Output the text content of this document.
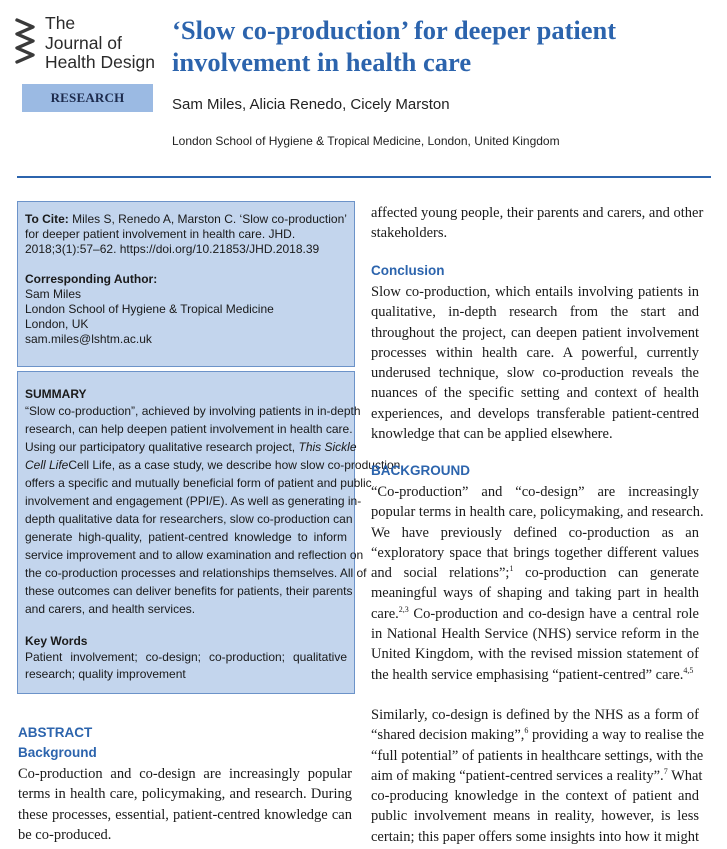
The
Journal of
Health Design
RESEARCH
‘Slow co-production’ for deeper patient
involvement in health care
Sam Miles, Alicia Renedo, Cicely Marston
London School of Hygiene & Tropical Medicine, London, United Kingdom
To Cite: Miles S, Renedo A, Marston C. ‘Slow co-production’
for deeper patient involvement in health care. JHD.
2018;3(1):57–62. https://doi.org/10.21853/JHD.2018.39
Corresponding Author:
Sam Miles
London School of Hygiene & Tropical Medicine
London, UK
sam.miles@lshtm.ac.uk
SUMMARY
“Slow co-production”, achieved by involving patients in in-depth
research, can help deepen patient involvement in health care.
Using our participatory qualitative research project, This Sickle
Cell LifeCell Life, as a case study, we describe how slow co-production
offers a specific and mutually beneficial form of patient and public
involvement and engagement (PPI/E). As well as generating in-
depth qualitative data for researchers, slow co-production can
generate high-quality, patient-centred knowledge to inform
service improvement and to allow examination and reflection on
the co-production processes and relationships themselves. All of
these outcomes can deliver benefits for patients, their parents
and carers, and health services.
Key Words
Patient involvement; co-design; co-production; qualitative
research; quality improvement
ABSTRACT
Background
Co-production and co-design are increasingly popular
terms in health care, policymaking, and research. During
these processes, essential, patient-centred knowledge can
be co-produced.
affected young people, their parents and carers, and other
stakeholders.
Conclusion
Slow co-production, which entails involving patients in
qualitative, in-depth research from the start and
throughout the project, can deepen patient involvement
processes within health care. A powerful, currently
underused technique, slow co-production reveals the
nuances of the specific setting and context of health
experiences, and develops transferable patient-centred
knowledge that can be applied elsewhere.
BACKGROUND
“Co-production” and “co-design” are increasingly
popular terms in health care, policymaking, and research.
We have previously defined co-production as an
“exploratory space that brings together different values
and social relations”;$^1$ co-production can generate
meaningful ways of shaping and taking part in health
care.$^{2,3}$ Co-production and co-design have a central role
in National Health Service (NHS) service reform in the
United Kingdom, with the revised mission statement of
the health service emphasising “patient-centred” care.$^{4,5}$
Similarly, co-design is defined by the NHS as a form of
“shared decision making”,$^6$ providing a way to realise the
“full potential” of patients in healthcare settings, with the
aim of making “patient-centred services a reality”.$^7$ What
co-producing knowledge in the context of patient and
public involvement means in reality, however, is less
certain; this paper offers some insights into how it might
